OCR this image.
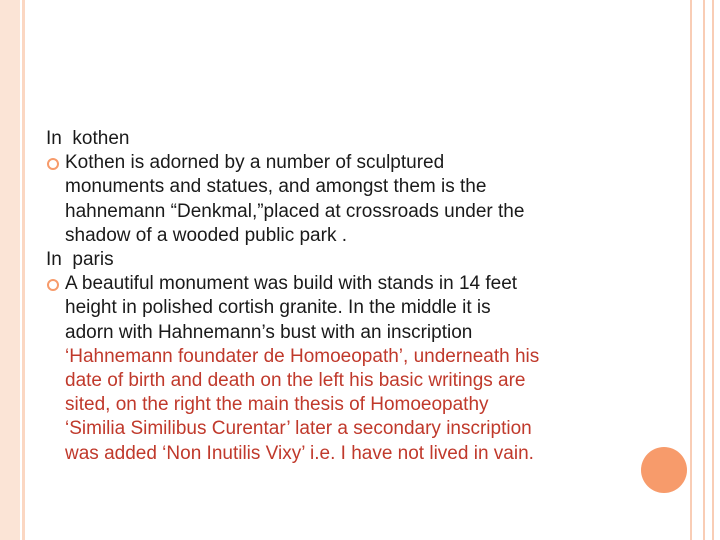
In  kothen

Kothen is adorned by a number of sculptured
monuments and statues, and amongst them is the
hahnemann “Denkmal,”placed at crossroads under the
shadow of a wooded public park .

In  paris

A beautiful monument was build with stands in 14 feet
height in polished cortish granite. In the middle it is
adorn with Hahnemann’s bust with an inscription
‘Hahnemann foundater de Homoeopath’, underneath his
date of birth and death on the left his basic writings are
sited, on the right the main thesis of Homoeopathy
‘Similia Similibus Curentar’ later a secondary inscription
was added ‘Non Inutilis Vixy’ i.e. I have not lived in vain.
